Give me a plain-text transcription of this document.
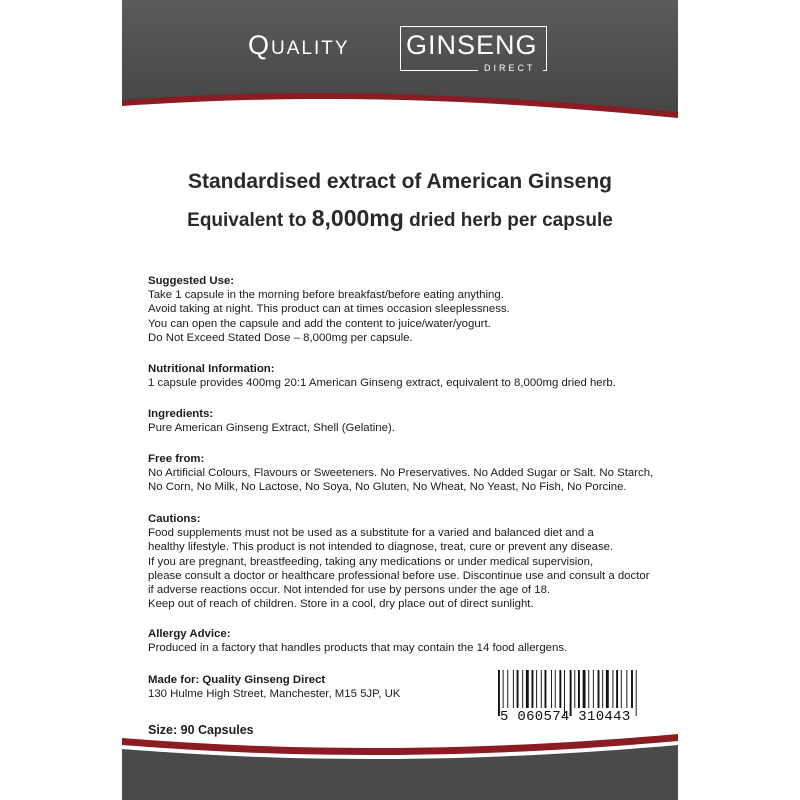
Quality GINSENG
DIRECT
Standardised extract of American Ginseng
Equivalent to 8,000mg dried herb per capsule
Suggested Use:
Take 1 capsule in the morning before breakfast/before eating anything.
Avoid taking at night. This product can at times occasion sleeplessness.
You can open the capsule and add the content to juice/water/yogurt.
Do Not Exceed Stated Dose – 8,000mg per capsule.
Nutritional Information:
1 capsule provides 400mg 20:1 American Ginseng extract, equivalent to 8,000mg dried herb.
Ingredients:
Pure American Ginseng Extract, Shell (Gelatine).
Free from:
No Artificial Colours, Flavours or Sweeteners. No Preservatives. No Added Sugar or Salt. No Starch,
No Corn, No Milk, No Lactose, No Soya, No Gluten, No Wheat, No Yeast, No Fish, No Porcine.
Cautions:
Food supplements must not be used as a substitute for a varied and balanced diet and a
healthy lifestyle. This product is not intended to diagnose, treat, cure or prevent any disease.
If you are pregnant, breastfeeding, taking any medications or under medical supervision,
please consult a doctor or healthcare professional before use. Discontinue use and consult a doctor
if adverse reactions occur. Not intended for use by persons under the age of 18.
Keep out of reach of children. Store in a cool, dry place out of direct sunlight.
Allergy Advice:
Produced in a factory that handles products that may contain the 14 food allergens.
Made for: Quality Ginseng Direct
130 Hulme High Street, Manchester, M15 5JP, UK
5 060574 310443
Size: 90 Capsules
